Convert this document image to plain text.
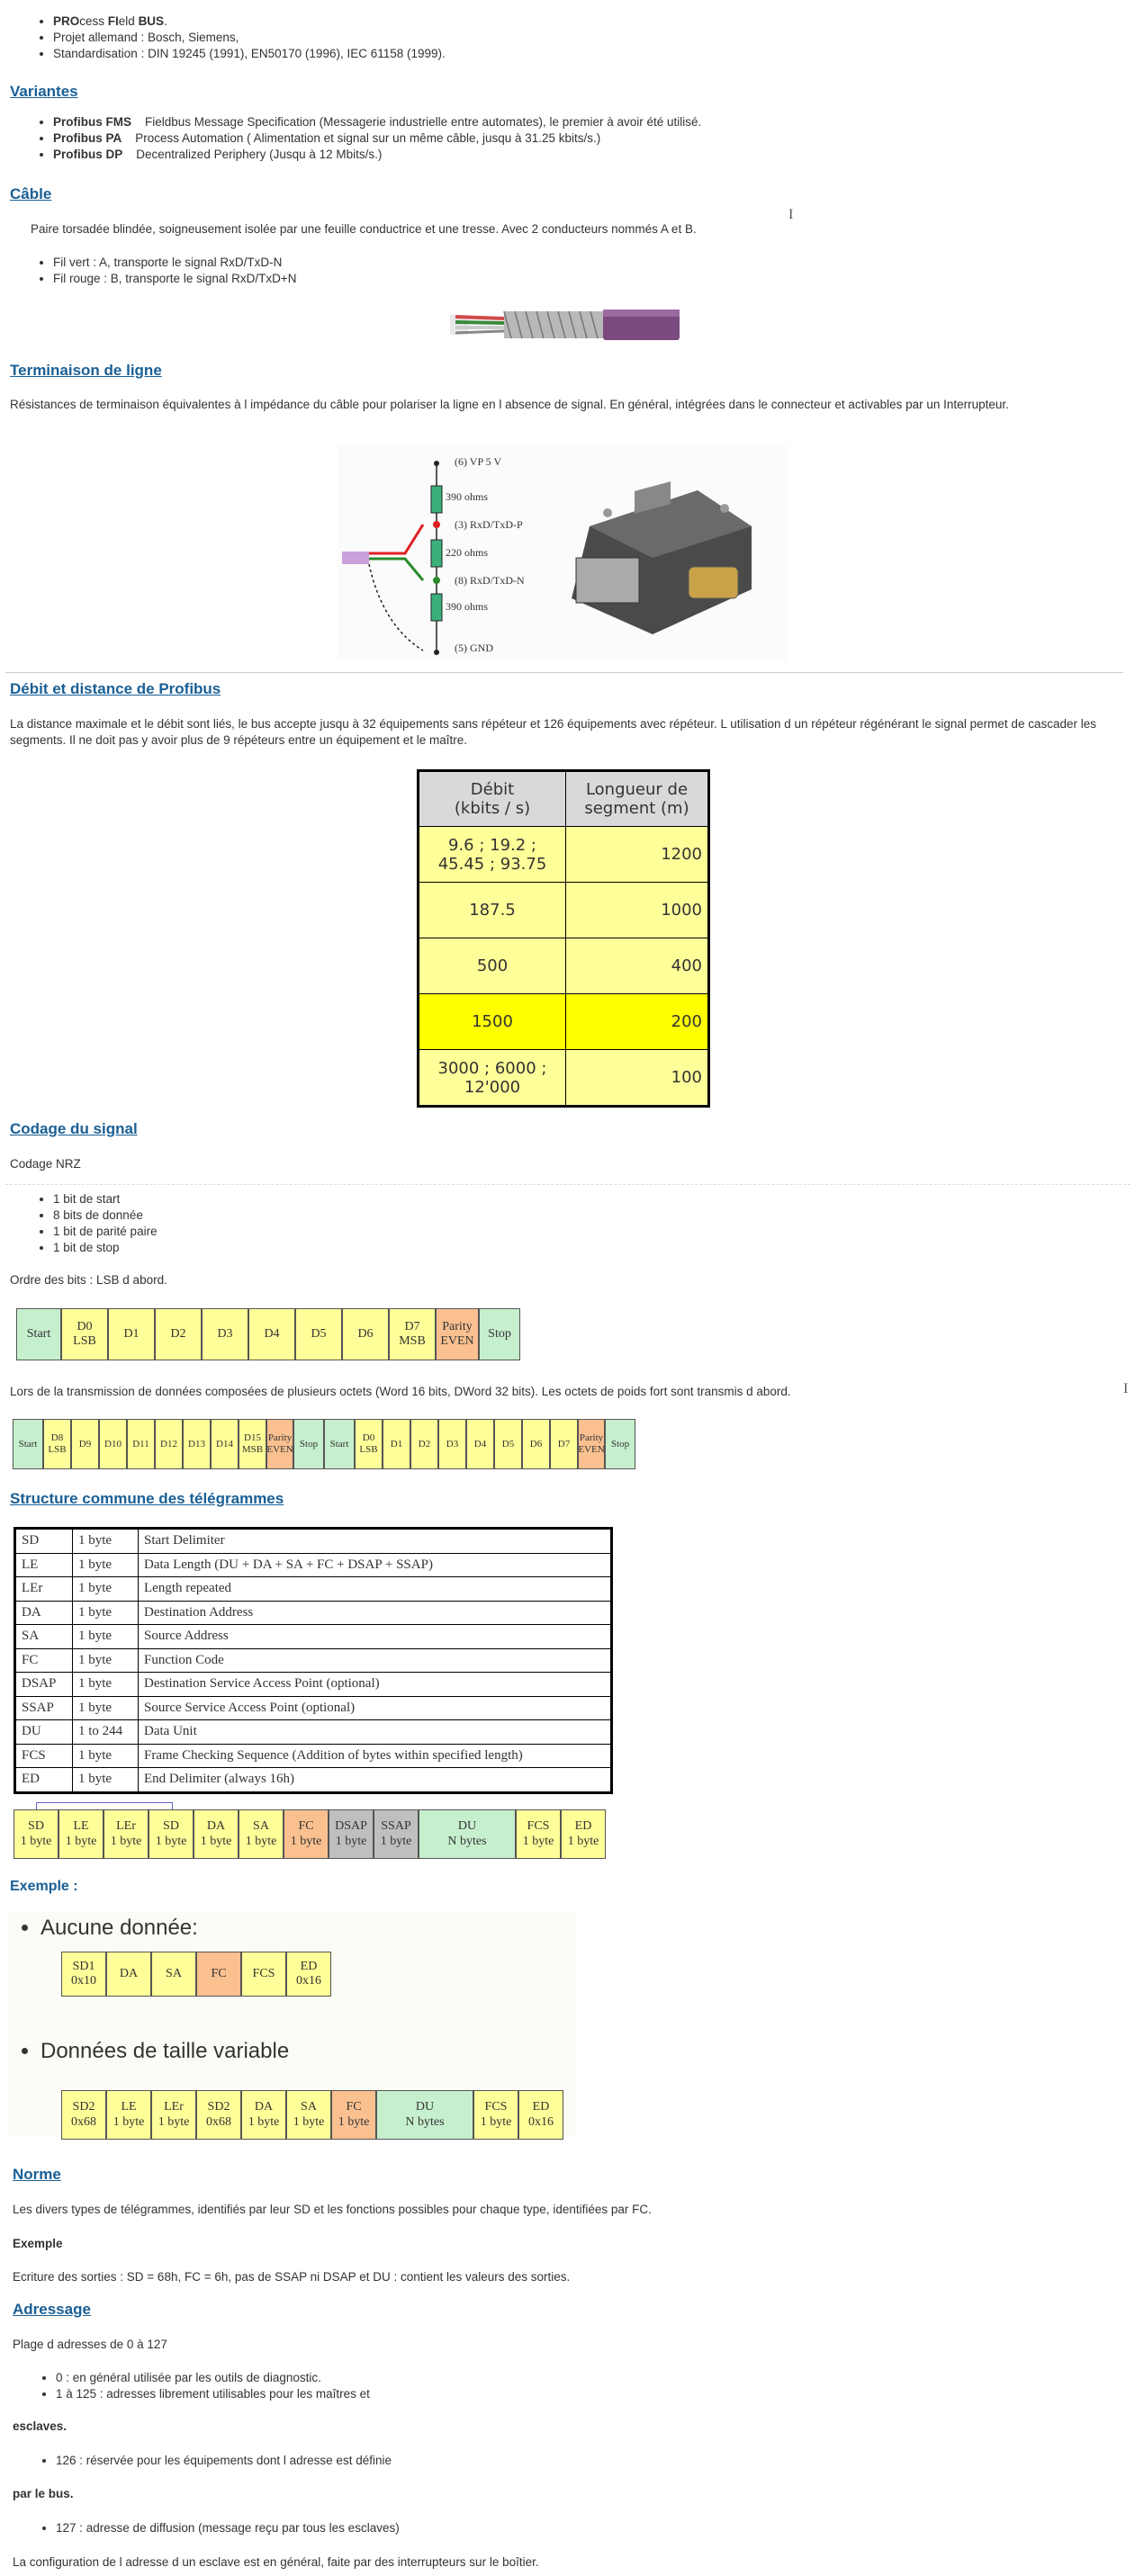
• PROcess FIeld BUS.
• Projet allemand : Bosch, Siemens,
• Standardisation : DIN 19245 (1991), EN50170 (1996), IEC 61158 (1999).
Variantes
• Profibus FMS Fieldbus Message Specification (Messagerie industrielle entre automates), le premier à avoir été utilisé.
• Profibus PA Process Automation ( Alimentation et signal sur un même câble, jusqu à 31.25 kbits/s.)
• Profibus DP Decentralized Periphery (Jusqu à 12 Mbits/s.)
Câble

Paire torsadée blindée, soigneusement isolée par une feuille conductrice et une tresse. Avec 2 conducteurs nommés A et B.

• Fil vert : A, transporte le signal RxD/TxD-N
• Fil rouge : B, transporte le signal RxD/TxD+N
Terminaison de ligne

Résistances de terminaison équivalentes à l impédance du câble pour polariser la ligne en l absence de signal. En général, intégrées dans le connecteur et activables par un Interrupteur.

(6) VP 5 V
390 ohms
(3) RxD/TxD-P
220 ohms
(8) RxD/TxD-N
390 ohms
(5) GND
Débit et distance de Profibus

La distance maximale et le débit sont liés, le bus accepte jusqu à 32 équipements sans répéteur et 126 équipements avec répéteur. L utilisation d un répéteur régénérant le signal permet de cascader les segments. Il ne doit pas y avoir plus de 9 répéteurs entre un équipement et le maître.

Débit
(kbits / s)	Longueur de
segment (m)
9.6 ; 19.2 ;
45.45 ; 93.75	1200
187.5	1000
500	400
1500	200
3000 ; 6000 ;
12'000	100
Codage du signal

Codage NRZ

• 1 bit de start
• 8 bits de donnée
• 1 bit de parité paire
• 1 bit de stop

Ordre des bits : LSB d abord.

Start
D0
LSB
D1 D2 D3 D4 D5 D6
D7
MSB
Parity
EVEN
Stop

Lors de la transmission de données composées de plusieurs octets (Word 16 bits, DWord 32 bits). Les octets de poids fort sont transmis d abord.

Start
D8
LSB
D9 D10 D11 D12 D13 D14
D15
MSB
Parity
EVEN
Stop Start
D0
LSB
D1 D2 D3 D4 D5 D6 D7
Parity
EVEN
Stop
Structure commune des télégrammes
SD	1 byte	Start Delimiter
LE	1 byte	Data Length (DU + DA + SA + FC + DSAP + SSAP)
LEr	1 byte	Length repeated
DA	1 byte	Destination Address
SA	1 byte	Source Address
FC	1 byte	Function Code
DSAP	1 byte	Destination Service Access Point (optional)
SSAP	1 byte	Source Service Access Point (optional)
DU	1 to 244	Data Unit
FCS	1 byte	Frame Checking Sequence (Addition of bytes within specified length)
ED	1 byte	End Delimiter (always 16h)
SD
1 byte
LE
1 byte
LEr
1 byte
SD
1 byte
DA
1 byte
SA
1 byte
FC
1 byte
DSAP
1 byte
SSAP
1 byte
DU
N bytes
FCS
1 byte
ED
1 byte
Exemple :
• Aucune donnée:
SD1
0x10
DA SA FC FCS
ED
0x16
• Données de taille variable
SD2
0x68
LE
1 byte
LEr
1 byte
SD2
0x68
DA
1 byte
SA
1 byte
FC
1 byte
DU
N bytes
FCS
1 byte
ED
0x16
Norme

Les divers types de télégrammes, identifiés par leur SD et les fonctions possibles pour chaque type, identifiées par FC.

Exemple

Ecriture des sorties : SD = 68h, FC = 6h, pas de SSAP ni DSAP et DU : contient les valeurs des sorties.

Adressage

Plage d adresses de 0 à 127

• 0 : en général utilisée par les outils de diagnostic.
• 1 à 125 : adresses librement utilisables pour les maîtres et

esclaves.

• 126 : réservée pour les équipements dont l adresse est définie

par le bus.

• 127 : adresse de diffusion (message reçu par tous les esclaves)

La configuration de l adresse d un esclave est en général, faite par des interrupteurs sur le boîtier.

I
I
